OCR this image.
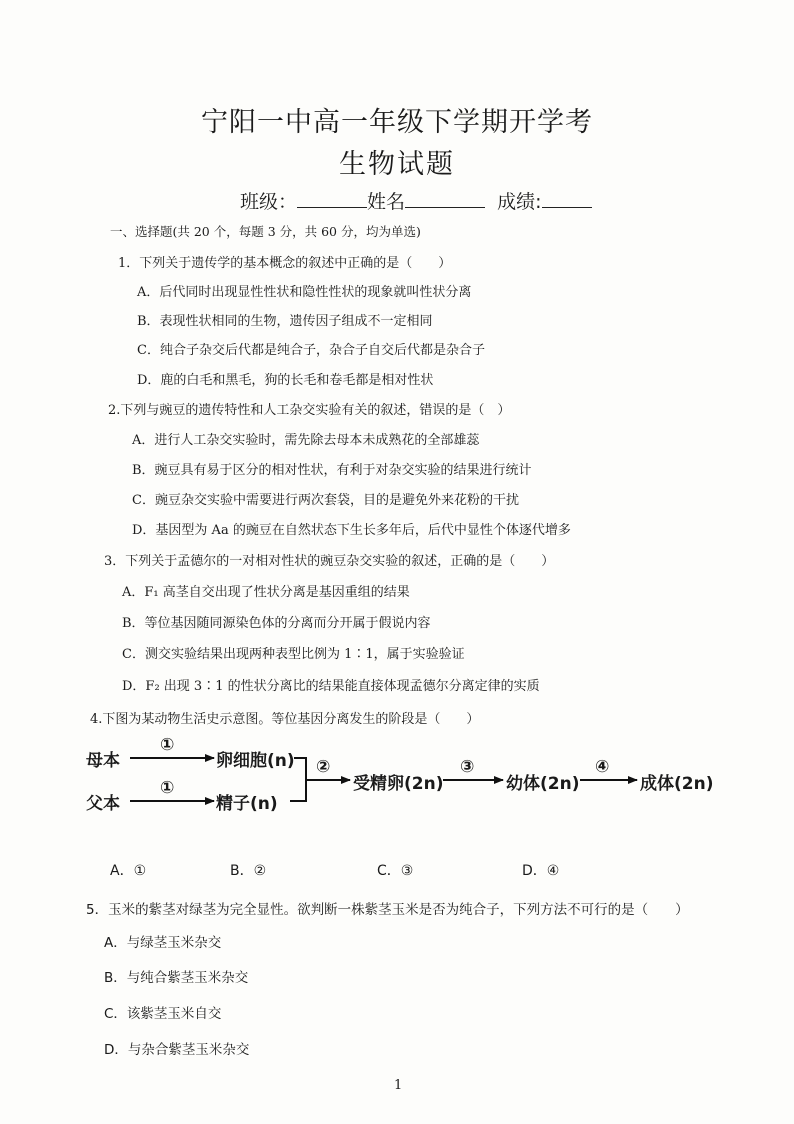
宁阳一中高一年级下学期开学考
生物试题
班级：	姓名	成绩:
一、选择题(共 20 个，每题 3 分，共 60 分，均为单选)
1．下列关于遗传学的基本概念的叙述中正确的是（　　）
A．后代同时出现显性性状和隐性性状的现象就叫性状分离
B．表现性状相同的生物，遗传因子组成不一定相同
C．纯合子杂交后代都是纯合子，杂合子自交后代都是杂合子
D．鹿的白毛和黑毛，狗的长毛和卷毛都是相对性状
2.下列与豌豆的遗传特性和人工杂交实验有关的叙述，错误的是（　）
A．进行人工杂交实验时，需先除去母本未成熟花的全部雄蕊
B．豌豆具有易于区分的相对性状，有利于对杂交实验的结果进行统计
C．豌豆杂交实验中需要进行两次套袋，目的是避免外来花粉的干扰
D．基因型为 Aa 的豌豆在自然状态下生长多年后，后代中显性个体逐代增多
3．下列关于孟德尔的一对相对性状的豌豆杂交实验的叙述，正确的是（　　）
A．F₁ 高茎自交出现了性状分离是基因重组的结果
B．等位基因随同源染色体的分离而分开属于假说内容
C．测交实验结果出现两种表型比例为 1∶1，属于实验验证
D．F₂ 出现 3∶1 的性状分离比的结果能直接体现孟德尔分离定律的实质
4.下图为某动物生活史示意图。等位基因分离发生的阶段是（　　）
母本
①
卵细胞(n)
父本
①
精子(n)
②
受精卵(2n)
③
幼体(2n)
④
成体(2n)
A．①	B．②	C．③	D．④
5．玉米的紫茎对绿茎为完全显性。欲判断一株紫茎玉米是否为纯合子，下列方法不可行的是（　　）
A．与绿茎玉米杂交
B．与纯合紫茎玉米杂交
C．该紫茎玉米自交
D．与杂合紫茎玉米杂交
1
